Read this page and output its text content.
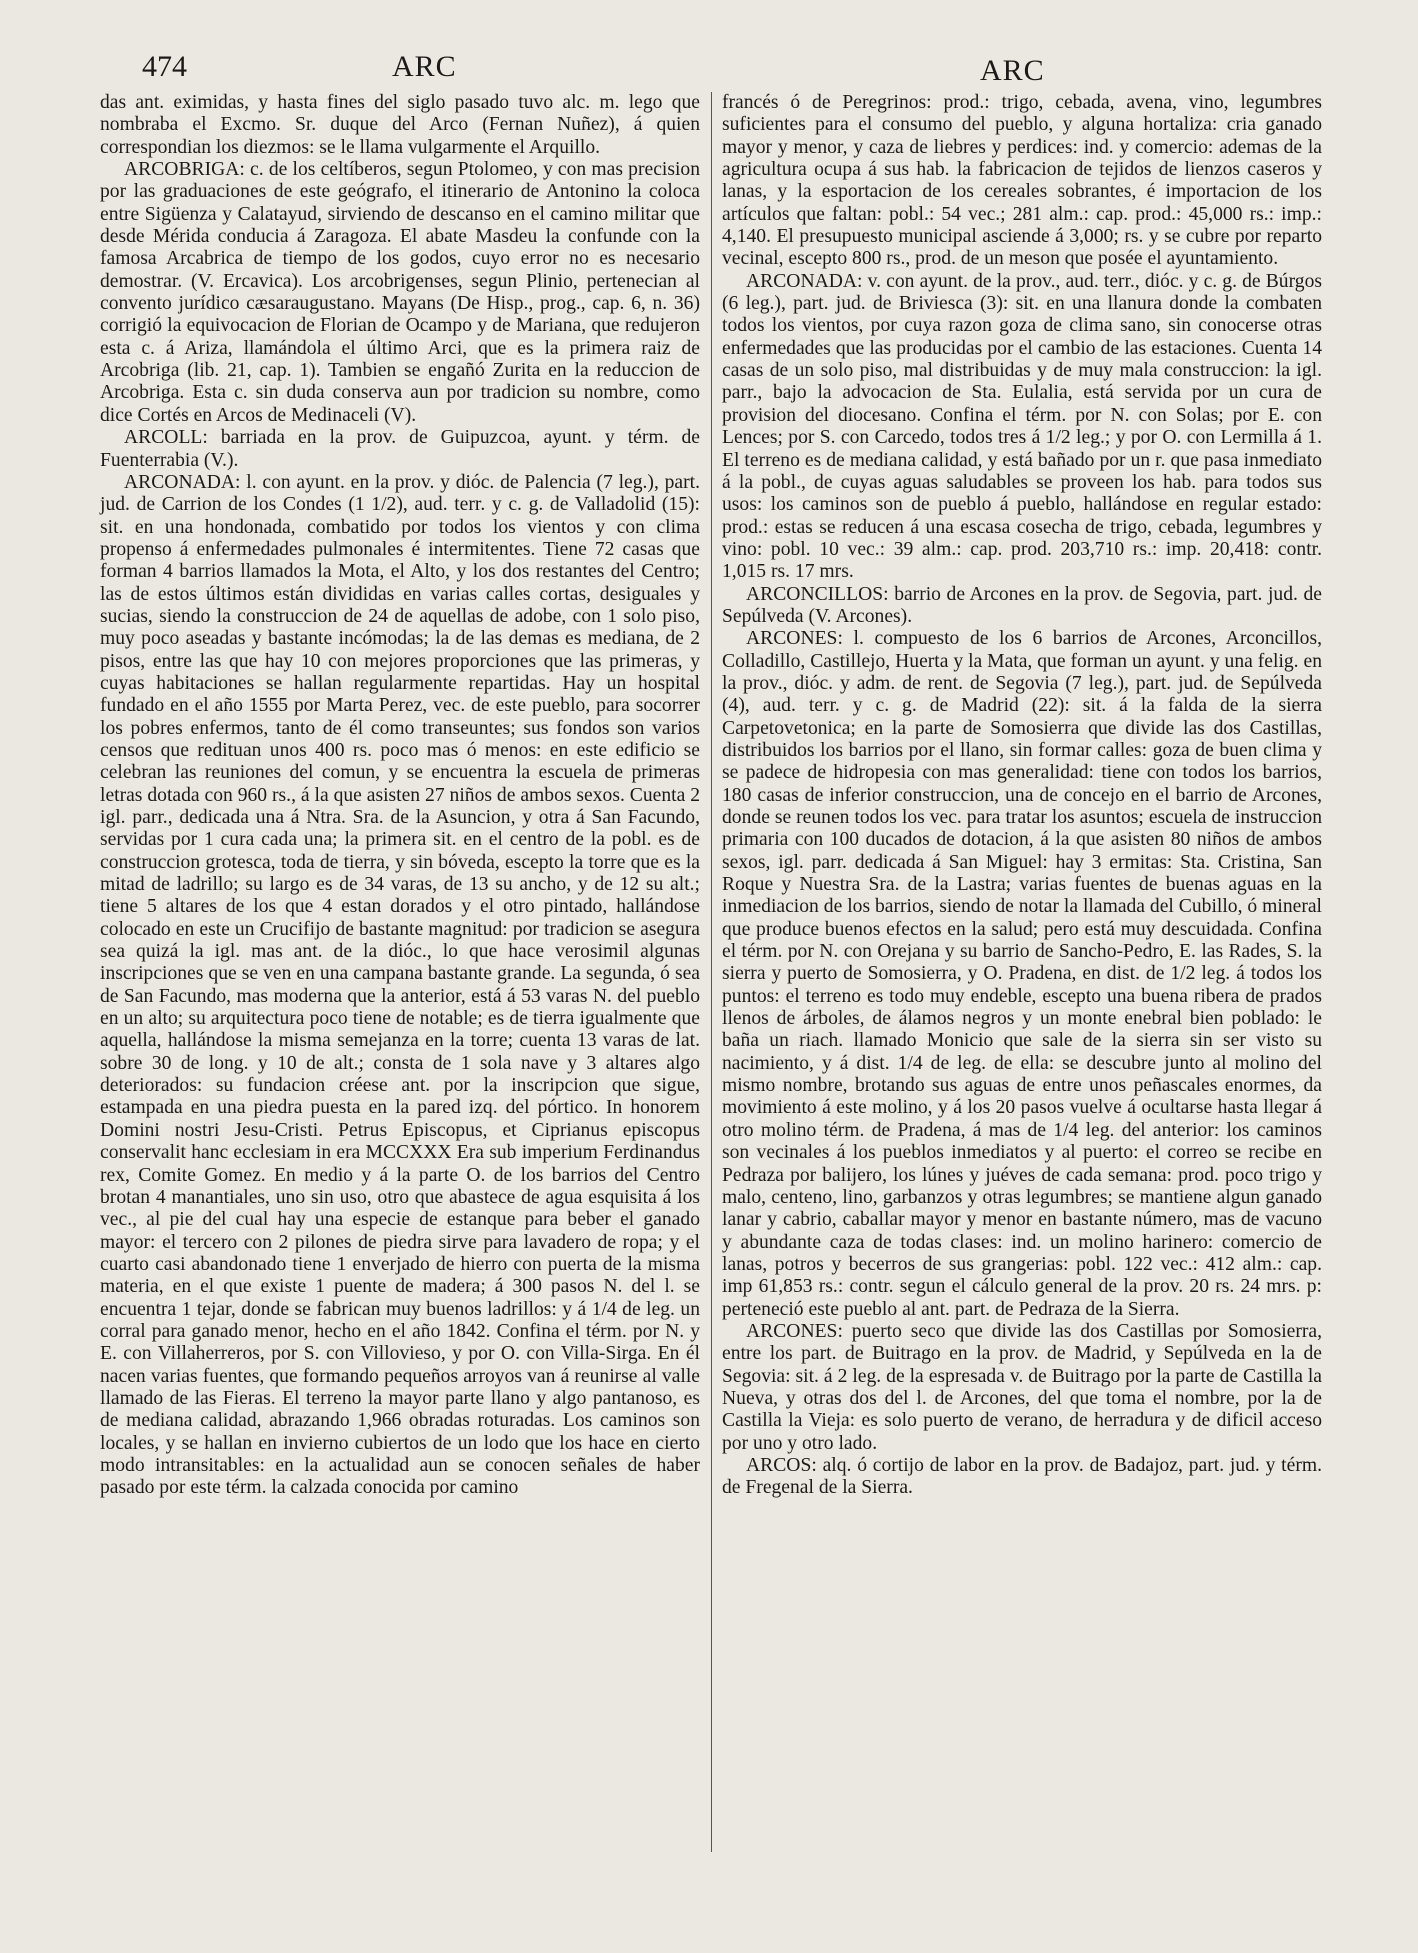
474	ARC	ARC

das ant. eximidas, y hasta fines del siglo pasado tuvo alc. m. lego que nombraba el Excmo. Sr. duque del Arco (Fernan Nuñez), á quien correspondian los diezmos: se le llama vulgarmente el Arquillo.

ARCOBRIGA: c. de los celtíberos, segun Ptolomeo, y con mas precision por las graduaciones de este geógrafo, el itinerario de Antonino la coloca entre Sigüenza y Calatayud, sirviendo de descanso en el camino militar que desde Mérida conducia á Zaragoza. El abate Masdeu la confunde con la famosa Arcabrica de tiempo de los godos, cuyo error no es necesario demostrar. (V. Ercavica). Los arcobrigenses, segun Plinio, pertenecian al convento jurídico cæsaraugustano. Mayans (De Hisp., prog., cap. 6, n. 36) corrigió la equivocacion de Florian de Ocampo y de Mariana, que redujeron esta c. á Ariza, llamándola el último Arci, que es la primera raiz de Arcobriga (lib. 21, cap. 1). Tambien se engañó Zurita en la reduccion de Arcobriga. Esta c. sin duda conserva aun por tradicion su nombre, como dice Cortés en Arcos de Medinaceli (V).

ARCOLL: barriada en la prov. de Guipuzcoa, ayunt. y térm. de Fuenterrabia (V.).

ARCONADA: l. con ayunt. en la prov. y dióc. de Palencia (7 leg.), part. jud. de Carrion de los Condes (1 1/2), aud. terr. y c. g. de Valladolid (15): sit. en una hondonada, combatido por todos los vientos y con clima propenso á enfermedades pulmonales é intermitentes. Tiene 72 casas que forman 4 barrios llamados la Mota, el Alto, y los dos restantes del Centro; las de estos últimos están divididas en varias calles cortas, desiguales y sucias, siendo la construccion de 24 de aquellas de adobe, con 1 solo piso, muy poco aseadas y bastante incómodas; la de las demas es mediana, de 2 pisos, entre las que hay 10 con mejores proporciones que las primeras, y cuyas habitaciones se hallan regularmente repartidas. Hay un hospital fundado en el año 1555 por Marta Perez, vec. de este pueblo, para socorrer los pobres enfermos, tanto de él como transeuntes; sus fondos son varios censos que redituan unos 400 rs. poco mas ó menos: en este edificio se celebran las reuniones del comun, y se encuentra la escuela de primeras letras dotada con 960 rs., á la que asisten 27 niños de ambos sexos. Cuenta 2 igl. parr., dedicada una á Ntra. Sra. de la Asuncion, y otra á San Facundo, servidas por 1 cura cada una; la primera sit. en el centro de la pobl. es de construccion grotesca, toda de tierra, y sin bóveda, escepto la torre que es la mitad de ladrillo; su largo es de 34 varas, de 13 su ancho, y de 12 su alt.; tiene 5 altares de los que 4 estan dorados y el otro pintado, hallándose colocado en este un Crucifijo de bastante magnitud: por tradicion se asegura sea quizá la igl. mas ant. de la dióc., lo que hace verosimil algunas inscripciones que se ven en una campana bastante grande. La segunda, ó sea de San Facundo, mas moderna que la anterior, está á 53 varas N. del pueblo en un alto; su arquitectura poco tiene de notable; es de tierra igualmente que aquella, hallándose la misma semejanza en la torre; cuenta 13 varas de lat. sobre 30 de long. y 10 de alt.; consta de 1 sola nave y 3 altares algo deteriorados: su fundacion créese ant. por la inscripcion que sigue, estampada en una piedra puesta en la pared izq. del pórtico. In honorem Domini nostri Jesu-Cristi. Petrus Episcopus, et Ciprianus episcopus conservalit hanc ecclesiam in era MCCXXX Era sub imperium Ferdinandus rex, Comite Gomez. En medio y á la parte O. de los barrios del Centro brotan 4 manantiales, uno sin uso, otro que abastece de agua esquisita á los vec., al pie del cual hay una especie de estanque para beber el ganado mayor: el tercero con 2 pilones de piedra sirve para lavadero de ropa; y el cuarto casi abandonado tiene 1 enverjado de hierro con puerta de la misma materia, en el que existe 1 puente de madera; á 300 pasos N. del l. se encuentra 1 tejar, donde se fabrican muy buenos ladrillos: y á 1/4 de leg. un corral para ganado menor, hecho en el año 1842. Confina el térm. por N. y E. con Villaherreros, por S. con Villovieso, y por O. con Villa-Sirga. En él nacen varias fuentes, que formando pequeños arroyos van á reunirse al valle llamado de las Fieras. El terreno la mayor parte llano y algo pantanoso, es de mediana calidad, abrazando 1,966 obradas roturadas. Los caminos son locales, y se hallan en invierno cubiertos de un lodo que los hace en cierto modo intransitables: en la actualidad aun se conocen señales de haber pasado por este térm. la calzada conocida por camino

francés ó de Peregrinos: prod.: trigo, cebada, avena, vino, legumbres suficientes para el consumo del pueblo, y alguna hortaliza: cria ganado mayor y menor, y caza de liebres y perdices: ind. y comercio: ademas de la agricultura ocupa á sus hab. la fabricacion de tejidos de lienzos caseros y lanas, y la esportacion de los cereales sobrantes, é importacion de los artículos que faltan: pobl.: 54 vec.; 281 alm.: cap. prod.: 45,000 rs.: imp.: 4,140. El presupuesto municipal asciende á 3,000; rs. y se cubre por reparto vecinal, escepto 800 rs., prod. de un meson que posée el ayuntamiento.

ARCONADA: v. con ayunt. de la prov., aud. terr., dióc. y c. g. de Búrgos (6 leg.), part. jud. de Briviesca (3): sit. en una llanura donde la combaten todos los vientos, por cuya razon goza de clima sano, sin conocerse otras enfermedades que las producidas por el cambio de las estaciones. Cuenta 14 casas de un solo piso, mal distribuidas y de muy mala construccion: la igl. parr., bajo la advocacion de Sta. Eulalia, está servida por un cura de provision del diocesano. Confina el térm. por N. con Solas; por E. con Lences; por S. con Carcedo, todos tres á 1/2 leg.; y por O. con Lermilla á 1. El terreno es de mediana calidad, y está bañado por un r. que pasa inmediato á la pobl., de cuyas aguas saludables se proveen los hab. para todos sus usos: los caminos son de pueblo á pueblo, hallándose en regular estado: prod.: estas se reducen á una escasa cosecha de trigo, cebada, legumbres y vino: pobl. 10 vec.: 39 alm.: cap. prod. 203,710 rs.: imp. 20,418: contr. 1,015 rs. 17 mrs.

ARCONCILLOS: barrio de Arcones en la prov. de Segovia, part. jud. de Sepúlveda (V. Arcones).

ARCONES: l. compuesto de los 6 barrios de Arcones, Arconcillos, Colladillo, Castillejo, Huerta y la Mata, que forman un ayunt. y una felig. en la prov., dióc. y adm. de rent. de Segovia (7 leg.), part. jud. de Sepúlveda (4), aud. terr. y c. g. de Madrid (22): sit. á la falda de la sierra Carpetovetonica; en la parte de Somosierra que divide las dos Castillas, distribuidos los barrios por el llano, sin formar calles: goza de buen clima y se padece de hidropesia con mas generalidad: tiene con todos los barrios, 180 casas de inferior construccion, una de concejo en el barrio de Arcones, donde se reunen todos los vec. para tratar los asuntos; escuela de instruccion primaria con 100 ducados de dotacion, á la que asisten 80 niños de ambos sexos, igl. parr. dedicada á San Miguel: hay 3 ermitas: Sta. Cristina, San Roque y Nuestra Sra. de la Lastra; varias fuentes de buenas aguas en la inmediacion de los barrios, siendo de notar la llamada del Cubillo, ó mineral que produce buenos efectos en la salud; pero está muy descuidada. Confina el térm. por N. con Orejana y su barrio de Sancho-Pedro, E. las Rades, S. la sierra y puerto de Somosierra, y O. Pradena, en dist. de 1/2 leg. á todos los puntos: el terreno es todo muy endeble, escepto una buena ribera de prados llenos de árboles, de álamos negros y un monte enebral bien poblado: le baña un riach. llamado Monicio que sale de la sierra sin ser visto su nacimiento, y á dist. 1/4 de leg. de ella: se descubre junto al molino del mismo nombre, brotando sus aguas de entre unos peñascales enormes, da movimiento á este molino, y á los 20 pasos vuelve á ocultarse hasta llegar á otro molino térm. de Pradena, á mas de 1/4 leg. del anterior: los caminos son vecinales á los pueblos inmediatos y al puerto: el correo se recibe en Pedraza por balijero, los lúnes y juéves de cada semana: prod. poco trigo y malo, centeno, lino, garbanzos y otras legumbres; se mantiene algun ganado lanar y cabrio, caballar mayor y menor en bastante número, mas de vacuno y abundante caza de todas clases: ind. un molino harinero: comercio de lanas, potros y becerros de sus grangerias: pobl. 122 vec.: 412 alm.: cap. imp 61,853 rs.: contr. segun el cálculo general de la prov. 20 rs. 24 mrs. p: perteneció este pueblo al ant. part. de Pedraza de la Sierra.

ARCONES: puerto seco que divide las dos Castillas por Somosierra, entre los part. de Buitrago en la prov. de Madrid, y Sepúlveda en la de Segovia: sit. á 2 leg. de la espresada v. de Buitrago por la parte de Castilla la Nueva, y otras dos del l. de Arcones, del que toma el nombre, por la de Castilla la Vieja: es solo puerto de verano, de herradura y de dificil acceso por uno y otro lado.

ARCOS: alq. ó cortijo de labor en la prov. de Badajoz, part. jud. y térm. de Fregenal de la Sierra.
